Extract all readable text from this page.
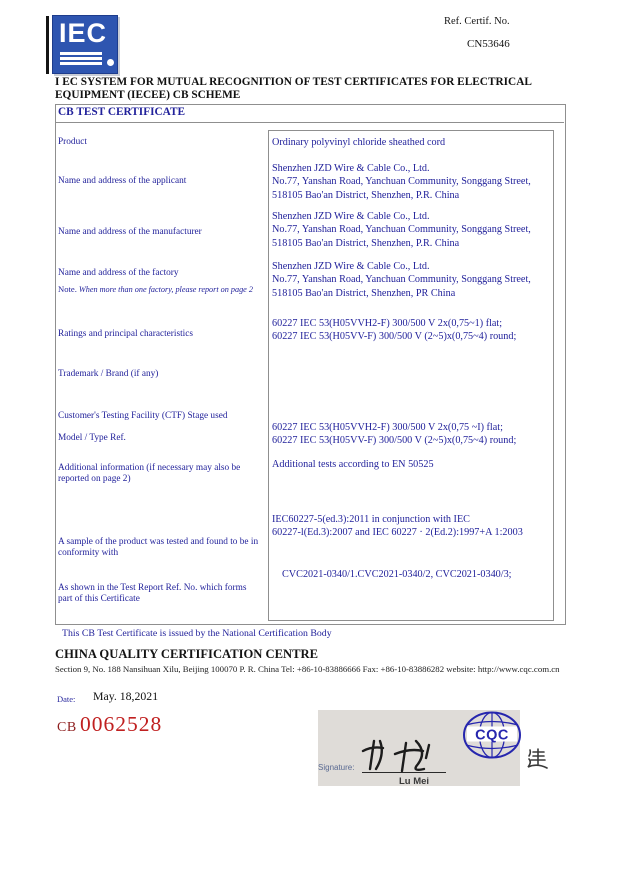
IEC	Ref. Certif. No.
CN53646
I EC SYSTEM FOR MUTUAL RECOGNITION OF TEST CERTIFICATES FOR ELECTRICAL EQUIPMENT (IECEE) CB SCHEME
CB TEST CERTIFICATE
Product
Name and address of the applicant
Name and address of the manufacturer
Name and address of the factory
Note. When more than one factory, please report on page 2
Ratings and principal characteristics
Trademark / Brand (if any)
Customer's Testing Facility (CTF) Stage used
Model / Type Ref.
Additional information (if necessary may also be reported on page 2)
A sample of the product was tested and found to be in conformity with
As shown in the Test Report Ref. No. which forms part of this Certificate
Ordinary polyvinyl chloride sheathed cord
Shenzhen JZD Wire & Cable Co., Ltd.
No.77, Yanshan Road, Yanchuan Community, Songgang Street,
518105 Bao'an District, Shenzhen, P.R. China
Shenzhen JZD Wire & Cable Co., Ltd.
No.77, Yanshan Road, Yanchuan Community, Songgang Street,
518105 Bao'an District, Shenzhen, P.R. China
Shenzhen JZD Wire & Cable Co., Ltd.
No.77, Yanshan Road, Yanchuan Community, Songgang Street,
518105 Bao'an District, Shenzhen, PR China
60227 IEC 53(H05VVH2-F) 300/500 V 2x(0,75~1) flat;
60227 IEC 53(H05VV-F) 300/500 V (2~5)x(0,75~4) round;
60227 IEC 53(H05VVH2-F) 300/500 V 2x(0,75 ~I) flat;
60227 IEC 53(H05VV-F) 300/500 V (2~5)x(0,75~4) round;
Additional tests according to EN 50525
IEC60227-5(ed.3):2011 in conjunction with IEC
60227-l(Ed.3):2007 and IEC 60227 · 2(Ed.2):1997+A 1:2003
CVC2021-0340/1.CVC2021-0340/2, CVC2021-0340/3;
This CB Test Certificate is issued by the National Certification Body
CHINA QUALITY CERTIFICATION CENTRE
Section 9, No. 188 Nansihuan Xilu, Beijing 100070 P. R. China Tel: +86-10-83886666 Fax: +86-10-83886282 website: http://www.cqc.com.cn
Date: May. 18,2021
CB 0062528
Signature:
Lu Mei
CQC
